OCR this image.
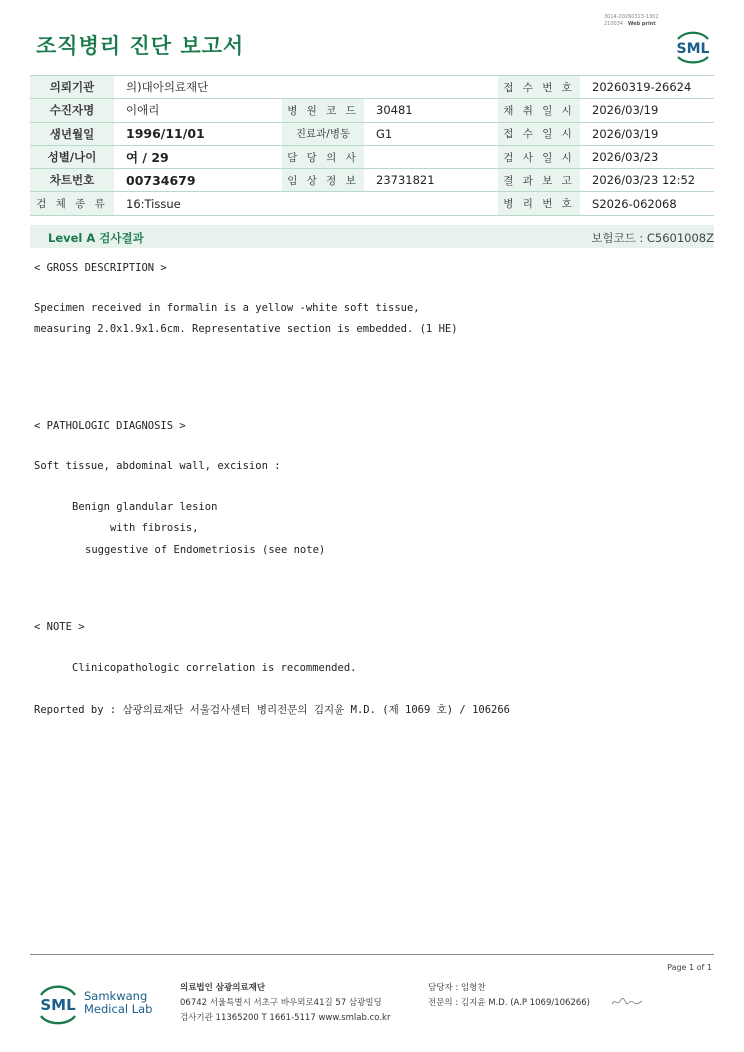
조직병리 진단 보고서
3014-20260323-1302
210034 Web print
SML
의뢰기관	의)대아의료재단			접 수 번 호	20260319-26624
수진자명	이애리	병 원 코 드	30481	채 취 일 시	2026/03/19
생년월일	1996/11/01	진료과/병동	G1	접 수 일 시	2026/03/19
성별/나이	여 / 29	담 당 의 사		검 사 일 시	2026/03/23
차트번호	00734679	임 상 정 보	23731821	결 과 보 고	2026/03/23 12:52
검 체 종 류	16:Tissue			병 리 번 호	S2026-062068
Level A 검사결과	보험코드 : C5601008Z
< GROSS DESCRIPTION >
Specimen received in formalin is a yellow -white soft tissue,
measuring 2.0x1.9x1.6cm. Representative section is embedded. (1 HE)
< PATHOLOGIC DIAGNOSIS >
Soft tissue, abdominal wall, excision :
Benign glandular lesion
with fibrosis,
suggestive of Endometriosis (see note)
< NOTE >
Clinicopathologic correlation is recommended.
Reported by : 삼광의료재단 서울검사센터 병리전문의 김지윤 M.D. (제 1069 호) / 106266
Page 1 of 1
SML Samkwang
Medical Lab
의료법인 삼광의료재단
06742 서울특별시 서초구 바우뫼로41길 57 삼광빌딩
검사기관 11365200 T 1661-5117 www.smlab.co.kr
담당자 : 임형찬
전문의 : 김지윤 M.D. (A.P 1069/106266)
